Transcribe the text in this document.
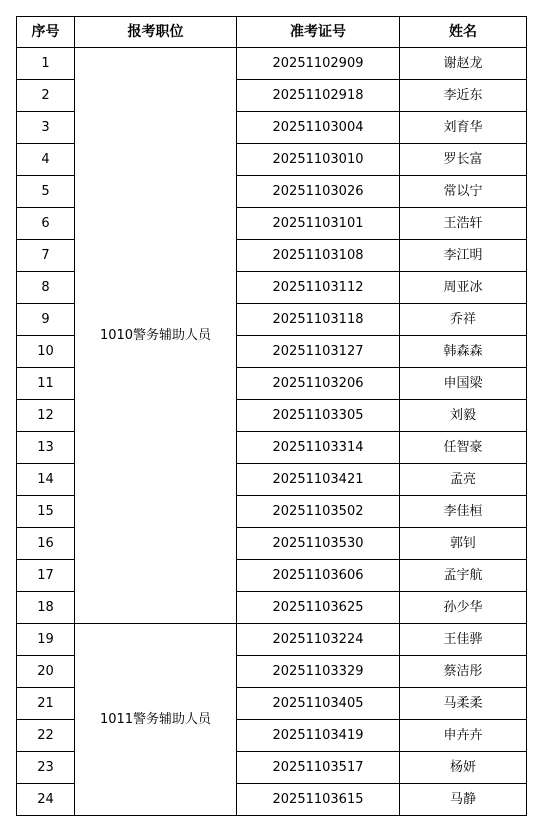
序号	报考职位	准考证号	姓名
1	1010警务辅助人员	20251102909	谢赵龙
2		20251102918	李近东
3		20251103004	刘育华
4		20251103010	罗长富
5		20251103026	常以宁
6		20251103101	王浩轩
7		20251103108	李江明
8		20251103112	周亚冰
9		20251103118	乔祥
10		20251103127	韩森森
11		20251103206	申国梁
12		20251103305	刘毅
13		20251103314	任智豪
14		20251103421	孟亮
15		20251103502	李佳桓
16		20251103530	郭钊
17		20251103606	孟宇航
18		20251103625	孙少华
19	1011警务辅助人员	20251103224	王佳骅
20		20251103329	蔡洁彤
21		20251103405	马柔柔
22		20251103419	申卉卉
23		20251103517	杨妍
24		20251103615	马静
